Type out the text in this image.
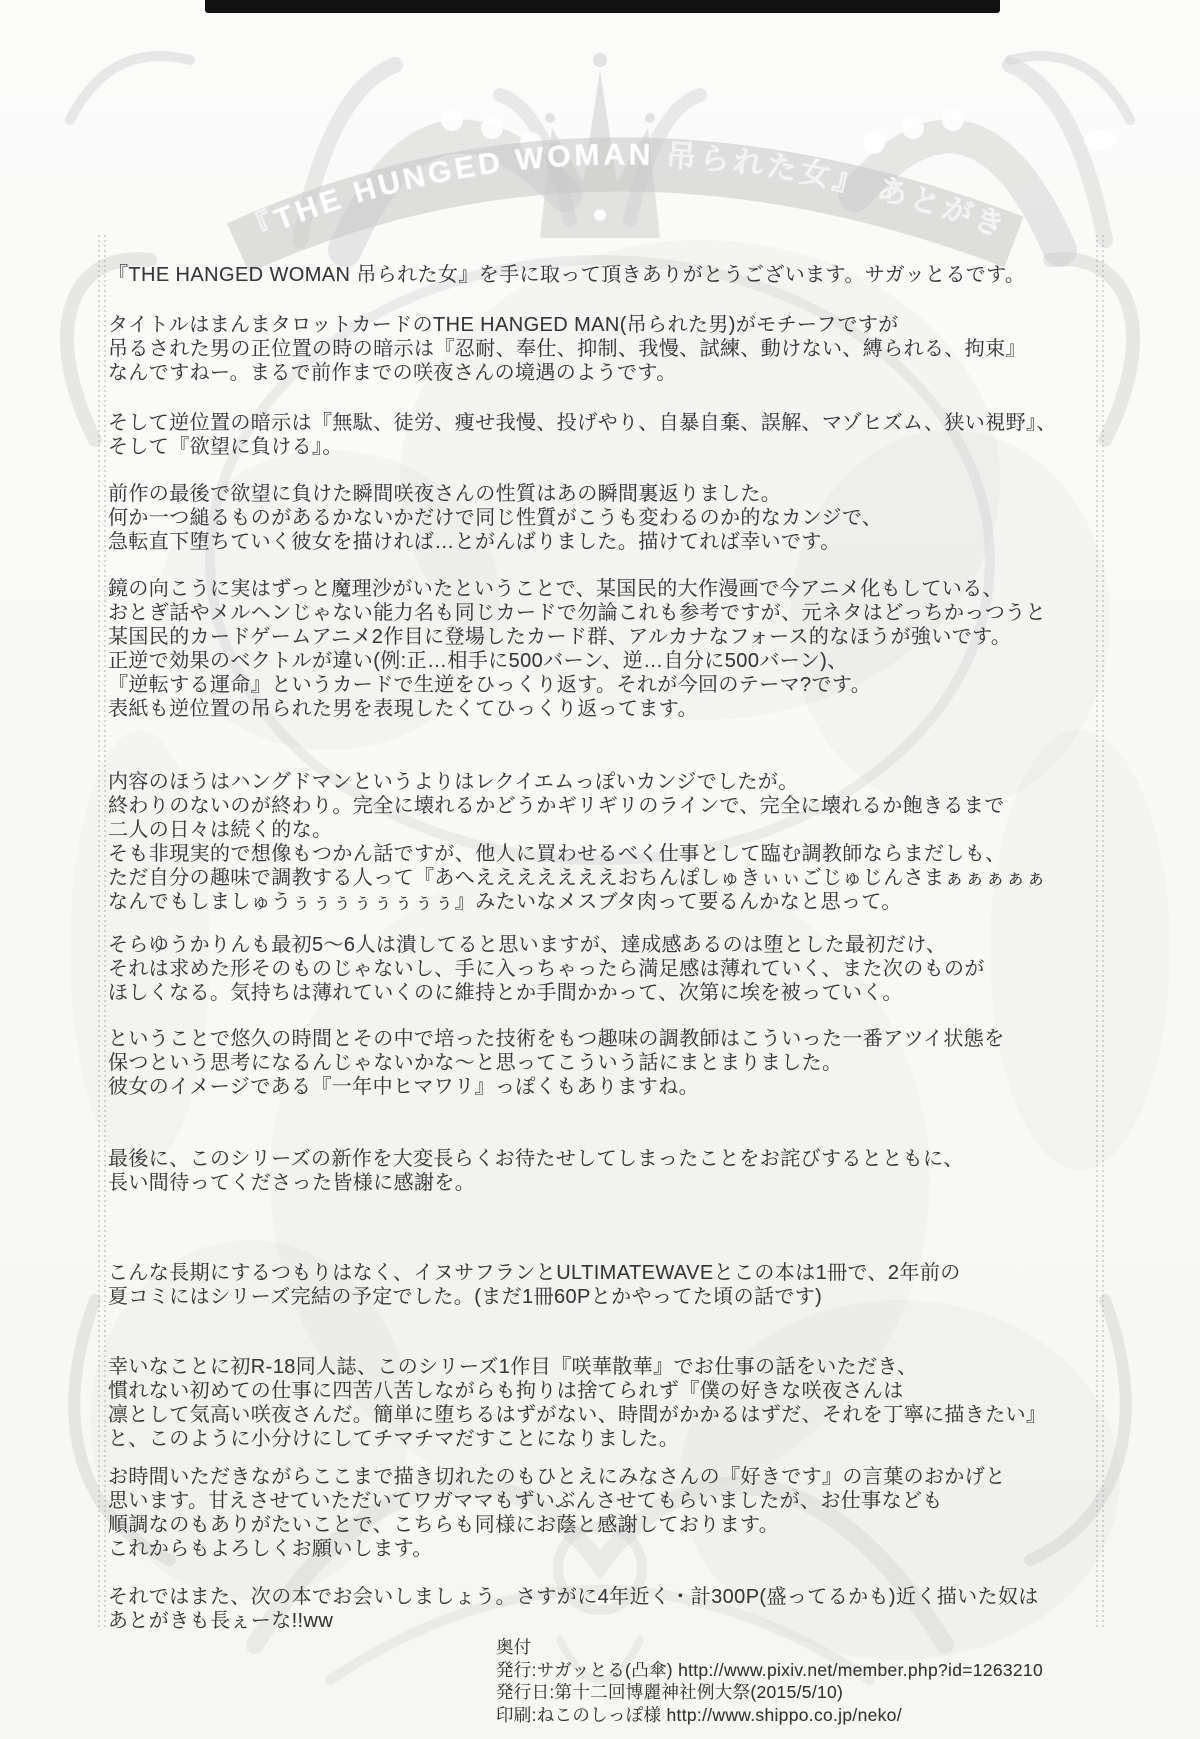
『THE HUNGED WOMAN 吊られた女』 あとがき
『THE HANGED WOMAN 吊られた女』を手に取って頂きありがとうございます。サガッとるです。
タイトルはまんまタロットカードのTHE HANGED MAN(吊られた男)がモチーフですが
吊るされた男の正位置の時の暗示は『忍耐、奉仕、抑制、我慢、試練、動けない、縛られる、拘束』
なんですねー。まるで前作までの咲夜さんの境遇のようです。
そして逆位置の暗示は『無駄、徒労、痩せ我慢、投げやり、自暴自棄、誤解、マゾヒズム、狭い視野』、
そして『欲望に負ける』。
前作の最後で欲望に負けた瞬間咲夜さんの性質はあの瞬間裏返りました。
何か一つ縋るものがあるかないかだけで同じ性質がこうも変わるのか的なカンジで、
急転直下堕ちていく彼女を描ければ…とがんばりました。描けてれば幸いです。
鏡の向こうに実はずっと魔理沙がいたということで、某国民的大作漫画で今アニメ化もしている、
おとぎ話やメルヘンじゃない能力名も同じカードで勿論これも参考ですが、元ネタはどっちかっつうと
某国民的カードゲームアニメ2作目に登場したカード群、アルカナなフォース的なほうが強いです。
正逆で効果のベクトルが違い(例:正…相手に500バーン、逆…自分に500バーン)、
『逆転する運命』というカードで生逆をひっくり返す。それが今回のテーマ?です。
表紙も逆位置の吊られた男を表現したくてひっくり返ってます。
内容のほうはハングドマンというよりはレクイエムっぽいカンジでしたが。
終わりのないのが終わり。完全に壊れるかどうかギリギリのラインで、完全に壊れるか飽きるまで
二人の日々は続く的な。
そも非現実的で想像もつかん話ですが、他人に買わせるべく仕事として臨む調教師ならまだしも、
ただ自分の趣味で調教する人って『あへえええええええおちんぽしゅきぃぃごじゅじんさまぁぁぁぁぁ
なんでもしましゅうぅぅぅぅぅぅぅぅ』みたいなメスブタ肉って要るんかなと思って。
そらゆうかりんも最初5〜6人は潰してると思いますが、達成感あるのは堕とした最初だけ、
それは求めた形そのものじゃないし、手に入っちゃったら満足感は薄れていく、また次のものが
ほしくなる。気持ちは薄れていくのに維持とか手間かかって、次第に埃を被っていく。
ということで悠久の時間とその中で培った技術をもつ趣味の調教師はこういった一番アツイ状態を
保つという思考になるんじゃないかな〜と思ってこういう話にまとまりました。
彼女のイメージである『一年中ヒマワリ』っぽくもありますね。
最後に、このシリーズの新作を大変長らくお待たせしてしまったことをお詫びするとともに、
長い間待ってくださった皆様に感謝を。
こんな長期にするつもりはなく、イヌサフランとULTIMATEWAVEとこの本は1冊で、2年前の
夏コミにはシリーズ完結の予定でした。(まだ1冊60Pとかやってた頃の話です)
幸いなことに初R-18同人誌、このシリーズ1作目『咲華散華』でお仕事の話をいただき、
慣れない初めての仕事に四苦八苦しながらも拘りは捨てられず『僕の好きな咲夜さんは
凛として気高い咲夜さんだ。簡単に堕ちるはずがない、時間がかかるはずだ、それを丁寧に描きたい』
と、このように小分けにしてチマチマだすことになりました。
お時間いただきながらここまで描き切れたのもひとえにみなさんの『好きです』の言葉のおかげと
思います。甘えさせていただいてワガママもずいぶんさせてもらいましたが、お仕事なども
順調なのもありがたいことで、こちらも同様にお蔭と感謝しております。
これからもよろしくお願いします。
それではまた、次の本でお会いしましょう。さすがに4年近く・計300P(盛ってるかも)近く描いた奴は
あとがきも長ぇーな!!ww
奥付
発行:サガッとる(凸傘) http://www.pixiv.net/member.php?id=1263210
発行日:第十二回博麗神社例大祭(2015/5/10)
印刷:ねこのしっぽ様 http://www.shippo.co.jp/neko/
